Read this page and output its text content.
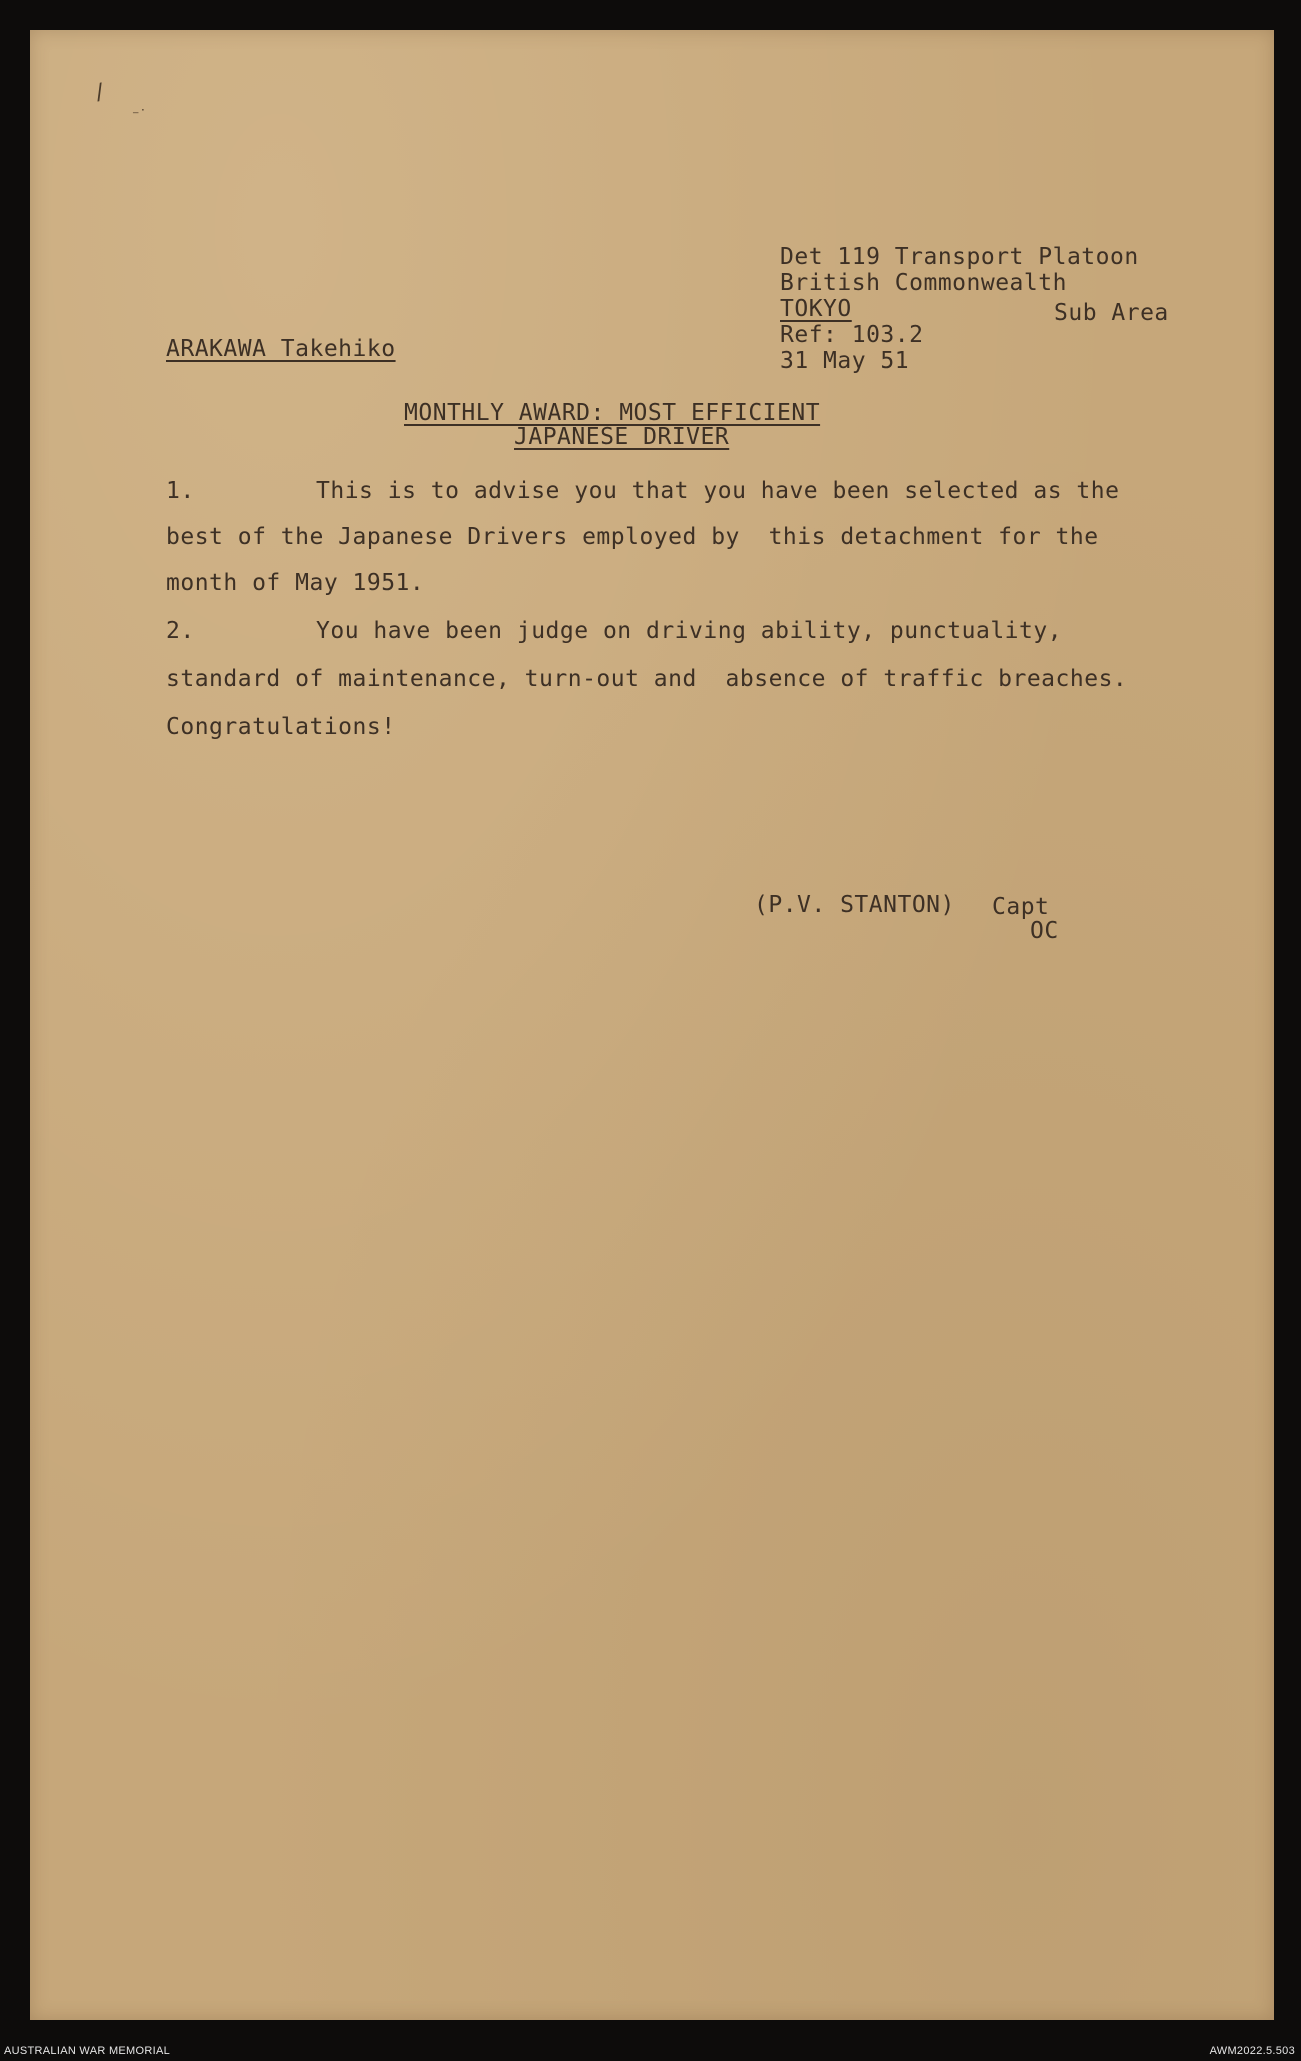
/
⁻˙
Det 119 Transport Platoon
British Commonwealth
TOKYO	Sub Area
Ref: 103.2
31 May 51
ARAKAWA Takehiko
MONTHLY AWARD: MOST EFFICIENT
JAPANESE DRIVER
1.	This is to advise you that you have been selected as the
best of the Japanese Drivers employed by  this detachment for the
month of May 1951.
2.	You have been judge on driving ability, punctuality,
standard of maintenance, turn-out and  absence of traffic breaches.
Congratulations!
(P.V. STANTON) Capt
OC
AUSTRALIAN WAR MEMORIAL	AWM2022.5.503
